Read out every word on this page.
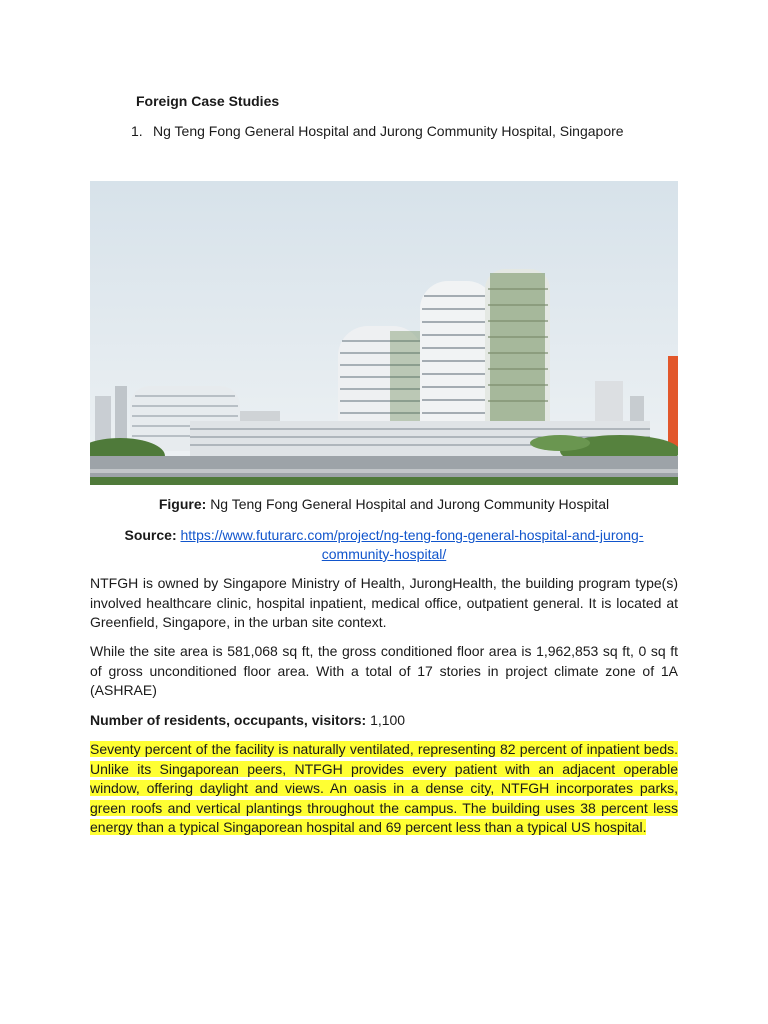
Foreign Case Studies

1. Ng Teng Fong General Hospital and Jurong Community Hospital, Singapore

Figure: Ng Teng Fong General Hospital and Jurong Community Hospital

Source: https://www.futurarc.com/project/ng-teng-fong-general-hospital-and-jurong-
community-hospital/

NTFGH is owned by Singapore Ministry of Health, JurongHealth, the building program type(s) involved healthcare clinic, hospital inpatient, medical office, outpatient general. It is located at Greenfield, Singapore, in the urban site context.

While the site area is 581,068 sq ft, the gross conditioned floor area is 1,962,853 sq ft, 0 sq ft of gross unconditioned floor area. With a total of 17 stories in project climate zone of 1A (ASHRAE)

Number of residents, occupants, visitors: 1,100

Seventy percent of the facility is naturally ventilated, representing 82 percent of inpatient beds. Unlike its Singaporean peers, NTFGH provides every patient with an adjacent operable window, offering daylight and views. An oasis in a dense city, NTFGH incorporates parks, green roofs and vertical plantings throughout the campus. The building uses 38 percent less energy than a typical Singaporean hospital and 69 percent less than a typical US hospital.
